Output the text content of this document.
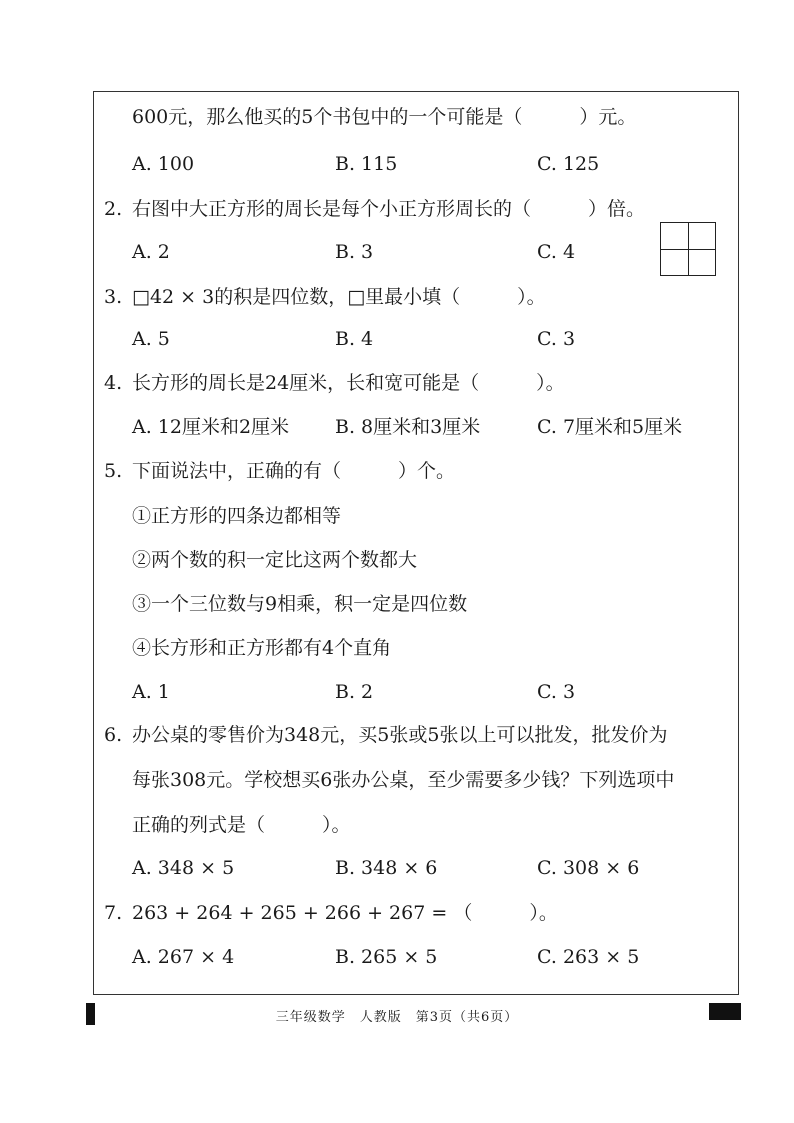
600元，那么他买的5个书包中的一个可能是（　　　）元。
A. 100	B. 115	C. 125
2. 右图中大正方形的周长是每个小正方形周长的（　　　）倍。
A. 2	B. 3	C. 4
3. □42 × 3的积是四位数，□里最小填（　　　）。
A. 5	B. 4	C. 3
4. 长方形的周长是24厘米，长和宽可能是（　　　）。
A. 12厘米和2厘米 B. 8厘米和3厘米	C. 7厘米和5厘米
5. 下面说法中，正确的有（　　　）个。
①正方形的四条边都相等
②两个数的积一定比这两个数都大
③一个三位数与9相乘，积一定是四位数
④长方形和正方形都有4个直角
A. 1	B. 2	C. 3
6. 办公桌的零售价为348元，买5张或5张以上可以批发，批发价为
每张308元。学校想买6张办公桌，至少需要多少钱？下列选项中
正确的列式是（　　　）。
A. 348 × 5	B. 348 × 6	C. 308 × 6
7. 263 + 264 + 265 + 266 + 267 = （　　　）。
A. 267 × 4	B. 265 × 5	C. 263 × 5
三年级数学　人教版　第3页（共6页）
